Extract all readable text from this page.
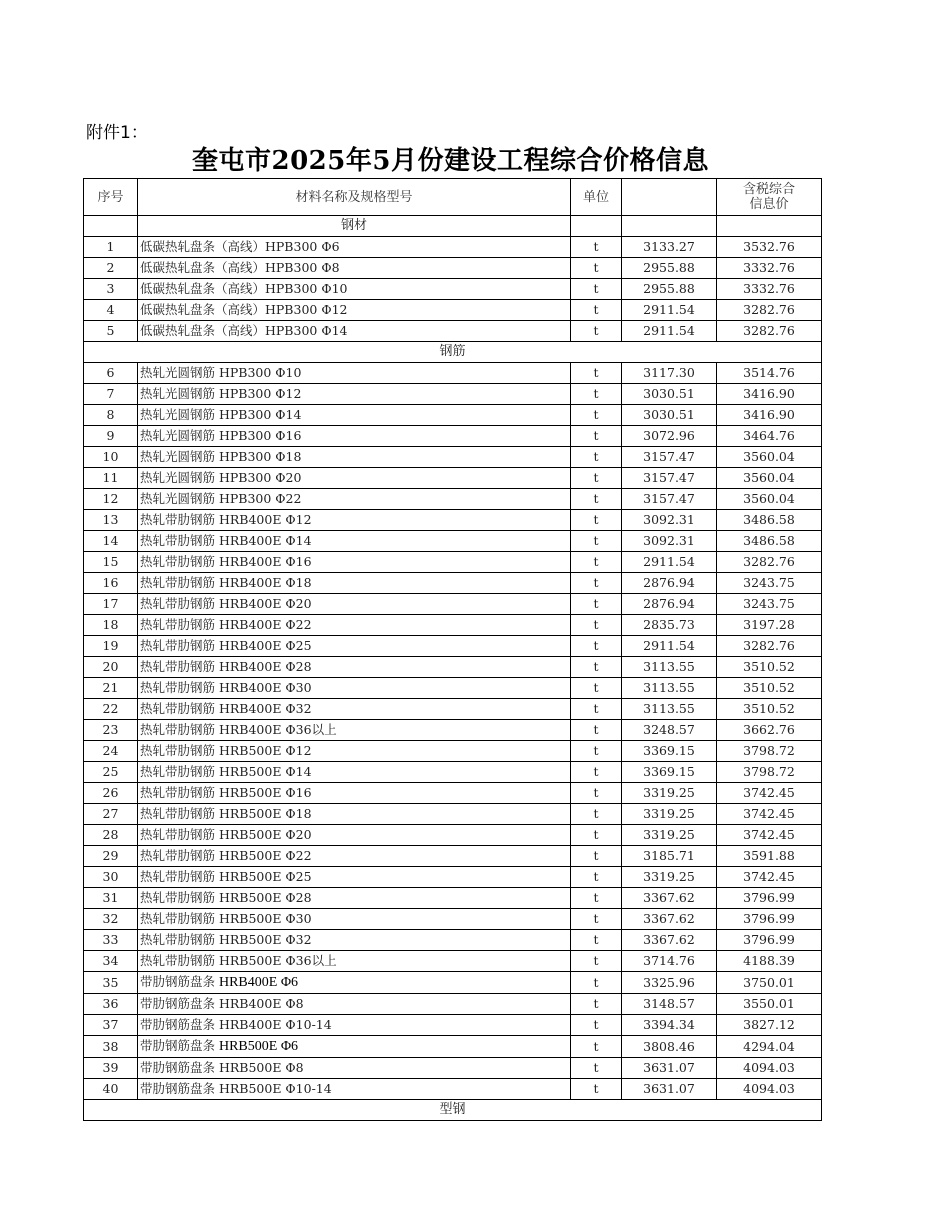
附件1：
奎屯市2025年5月份建设工程综合价格信息
序号	材料名称及规格型号	单位		含税综合
信息价

	钢材			
1	低碳热轧盘条（高线）HPB300 Φ6	t	3133.27	3532.76
2	低碳热轧盘条（高线）HPB300 Φ8	t	2955.88	3332.76
3	低碳热轧盘条（高线）HPB300 Φ10	t	2955.88	3332.76
4	低碳热轧盘条（高线）HPB300 Φ12	t	2911.54	3282.76
5	低碳热轧盘条（高线）HPB300 Φ14	t	2911.54	3282.76
钢筋				
6	热轧光圆钢筋 HPB300 Φ10	t	3117.30	3514.76
7	热轧光圆钢筋 HPB300 Φ12	t	3030.51	3416.90
8	热轧光圆钢筋 HPB300 Φ14	t	3030.51	3416.90
9	热轧光圆钢筋 HPB300 Φ16	t	3072.96	3464.76
10	热轧光圆钢筋 HPB300 Φ18	t	3157.47	3560.04
11	热轧光圆钢筋 HPB300 Φ20	t	3157.47	3560.04
12	热轧光圆钢筋 HPB300 Φ22	t	3157.47	3560.04
13	热轧带肋钢筋 HRB400E Φ12	t	3092.31	3486.58
14	热轧带肋钢筋 HRB400E Φ14	t	3092.31	3486.58
15	热轧带肋钢筋 HRB400E Φ16	t	2911.54	3282.76
16	热轧带肋钢筋 HRB400E Φ18	t	2876.94	3243.75
17	热轧带肋钢筋 HRB400E Φ20	t	2876.94	3243.75
18	热轧带肋钢筋 HRB400E Φ22	t	2835.73	3197.28
19	热轧带肋钢筋 HRB400E Φ25	t	2911.54	3282.76
20	热轧带肋钢筋 HRB400E Φ28	t	3113.55	3510.52
21	热轧带肋钢筋 HRB400E Φ30	t	3113.55	3510.52
22	热轧带肋钢筋 HRB400E Φ32	t	3113.55	3510.52
23	热轧带肋钢筋 HRB400E Φ36以上	t	3248.57	3662.76
24	热轧带肋钢筋 HRB500E Φ12	t	3369.15	3798.72
25	热轧带肋钢筋 HRB500E Φ14	t	3369.15	3798.72
26	热轧带肋钢筋 HRB500E Φ16	t	3319.25	3742.45
27	热轧带肋钢筋 HRB500E Φ18	t	3319.25	3742.45
28	热轧带肋钢筋 HRB500E Φ20	t	3319.25	3742.45
29	热轧带肋钢筋 HRB500E Φ22	t	3185.71	3591.88
30	热轧带肋钢筋 HRB500E Φ25	t	3319.25	3742.45
31	热轧带肋钢筋 HRB500E Φ28	t	3367.62	3796.99
32	热轧带肋钢筋 HRB500E Φ30	t	3367.62	3796.99
33	热轧带肋钢筋 HRB500E Φ32	t	3367.62	3796.99
34	热轧带肋钢筋 HRB500E Φ36以上	t	3714.76	4188.39
35	带肋钢筋盘条 HRB400E Φ6	t	3325.96	3750.01
36	带肋钢筋盘条 HRB400E Φ8	t	3148.57	3550.01
37	带肋钢筋盘条 HRB400E Φ10-14	t	3394.34	3827.12
38	带肋钢筋盘条 HRB500E Φ6	t	3808.46	4294.04
39	带肋钢筋盘条 HRB500E Φ8	t	3631.07	4094.03
40	带肋钢筋盘条 HRB500E Φ10-14	t	3631.07	4094.03
型钢				
